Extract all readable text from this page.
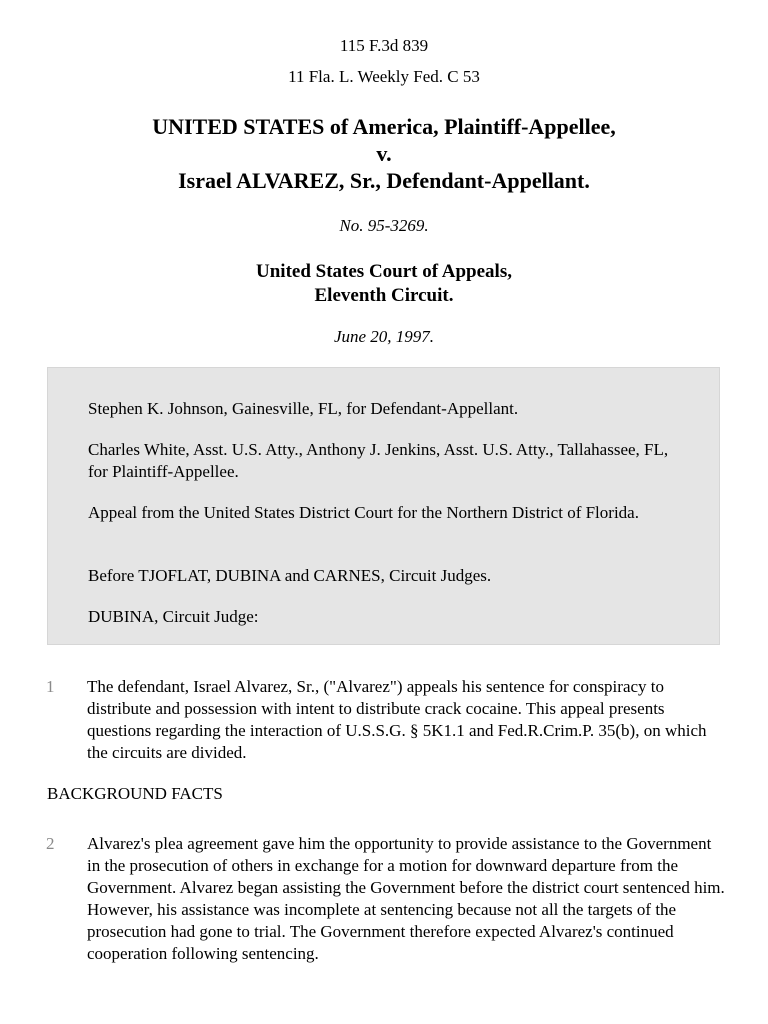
115 F.3d 839
11 Fla. L. Weekly Fed. C 53
UNITED STATES of America, Plaintiff-Appellee,
v.
Israel ALVAREZ, Sr., Defendant-Appellant.
No. 95-3269.
United States Court of Appeals,
Eleventh Circuit.
June 20, 1997.

Stephen K. Johnson, Gainesville, FL, for Defendant-Appellant.

Charles White, Asst. U.S. Atty., Anthony J. Jenkins, Asst. U.S. Atty., Tallahassee, FL, for Plaintiff-Appellee.

Appeal from the United States District Court for the Northern District of Florida.

Before TJOFLAT, DUBINA and CARNES, Circuit Judges.

DUBINA, Circuit Judge:

1 The defendant, Israel Alvarez, Sr., ("Alvarez") appeals his sentence for conspiracy to distribute and possession with intent to distribute crack cocaine. This appeal presents questions regarding the interaction of U.S.S.G. § 5K1.1 and Fed.R.Crim.P. 35(b), on which the circuits are divided.
BACKGROUND FACTS
2 Alvarez's plea agreement gave him the opportunity to provide assistance to the Government in the prosecution of others in exchange for a motion for downward departure from the Government. Alvarez began assisting the Government before the district court sentenced him. However, his assistance was incomplete at sentencing because not all the targets of the prosecution had gone to trial. The Government therefore expected Alvarez's continued cooperation following sentencing.
